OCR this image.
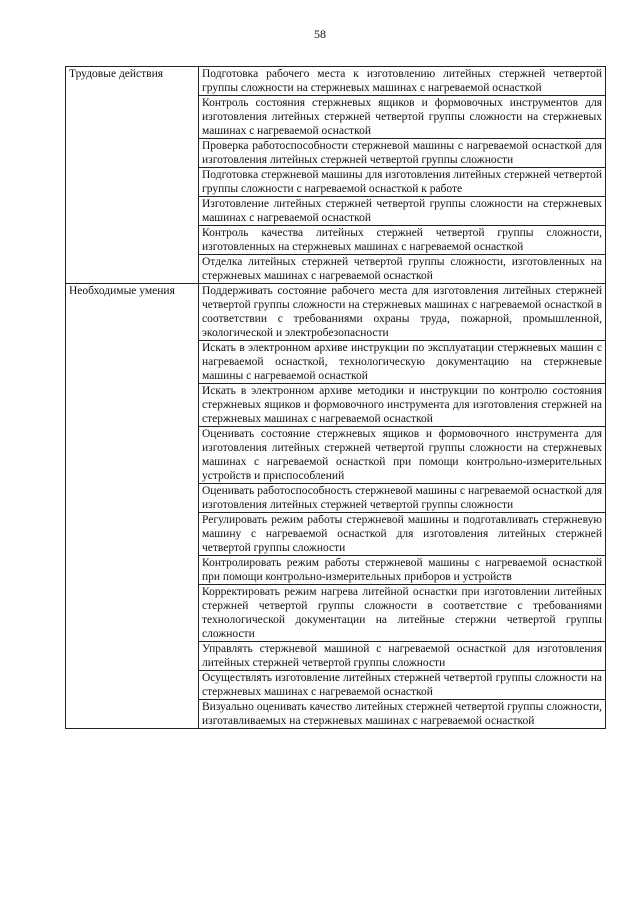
58
Трудовые действия	Подготовка рабочего места к изготовлению литейных стержней четвертой группы сложности на стержневых машинах с нагреваемой оснасткой
	Контроль состояния стержневых ящиков и формовочных инструментов для изготовления литейных стержней четвертой группы сложности на стержневых машинах с нагреваемой оснасткой
	Проверка работоспособности стержневой машины с нагреваемой оснасткой для изготовления литейных стержней четвертой группы сложности
	Подготовка стержневой машины для изготовления литейных стержней четвертой группы сложности с нагреваемой оснасткой к работе
	Изготовление литейных стержней четвертой группы сложности на стержневых машинах с нагреваемой оснасткой
	Контроль качества литейных стержней четвертой группы сложности, изготовленных на стержневых машинах с нагреваемой оснасткой
	Отделка литейных стержней четвертой группы сложности, изготовленных на стержневых машинах с нагреваемой оснасткой
Необходимые умения	Поддерживать состояние рабочего места для изготовления литейных стержней четвертой группы сложности на стержневых машинах с нагреваемой оснасткой в соответствии с требованиями охраны труда, пожарной, промышленной, экологической и электробезопасности
	Искать в электронном архиве инструкции по эксплуатации стержневых машин с нагреваемой оснасткой, технологическую документацию на стержневые машины с нагреваемой оснасткой
	Искать в электронном архиве методики и инструкции по контролю состояния стержневых ящиков и формовочного инструмента для изготовления стержней на стержневых машинах с нагреваемой оснасткой
	Оценивать состояние стержневых ящиков и формовочного инструмента для изготовления литейных стержней четвертой группы сложности на стержневых машинах с нагреваемой оснасткой при помощи контрольно-измерительных устройств и приспособлений
	Оценивать работоспособность стержневой машины с нагреваемой оснасткой для изготовления литейных стержней четвертой группы сложности
	Регулировать режим работы стержневой машины и подготавливать стержневую машину с нагреваемой оснасткой для изготовления литейных стержней четвертой группы сложности
	Контролировать режим работы стержневой машины с нагреваемой оснасткой при помощи контрольно-измерительных приборов и устройств
	Корректировать режим нагрева литейной оснастки при изготовлении литейных стержней четвертой группы сложности в соответствие с требованиями технологической документации на литейные стержни четвертой группы сложности
	Управлять стержневой машиной с нагреваемой оснасткой для изготовления литейных стержней четвертой группы сложности
	Осуществлять изготовление литейных стержней четвертой группы сложности на стержневых машинах с нагреваемой оснасткой
	Визуально оценивать качество литейных стержней четвертой группы сложности, изготавливаемых на стержневых машинах с нагреваемой оснасткой
